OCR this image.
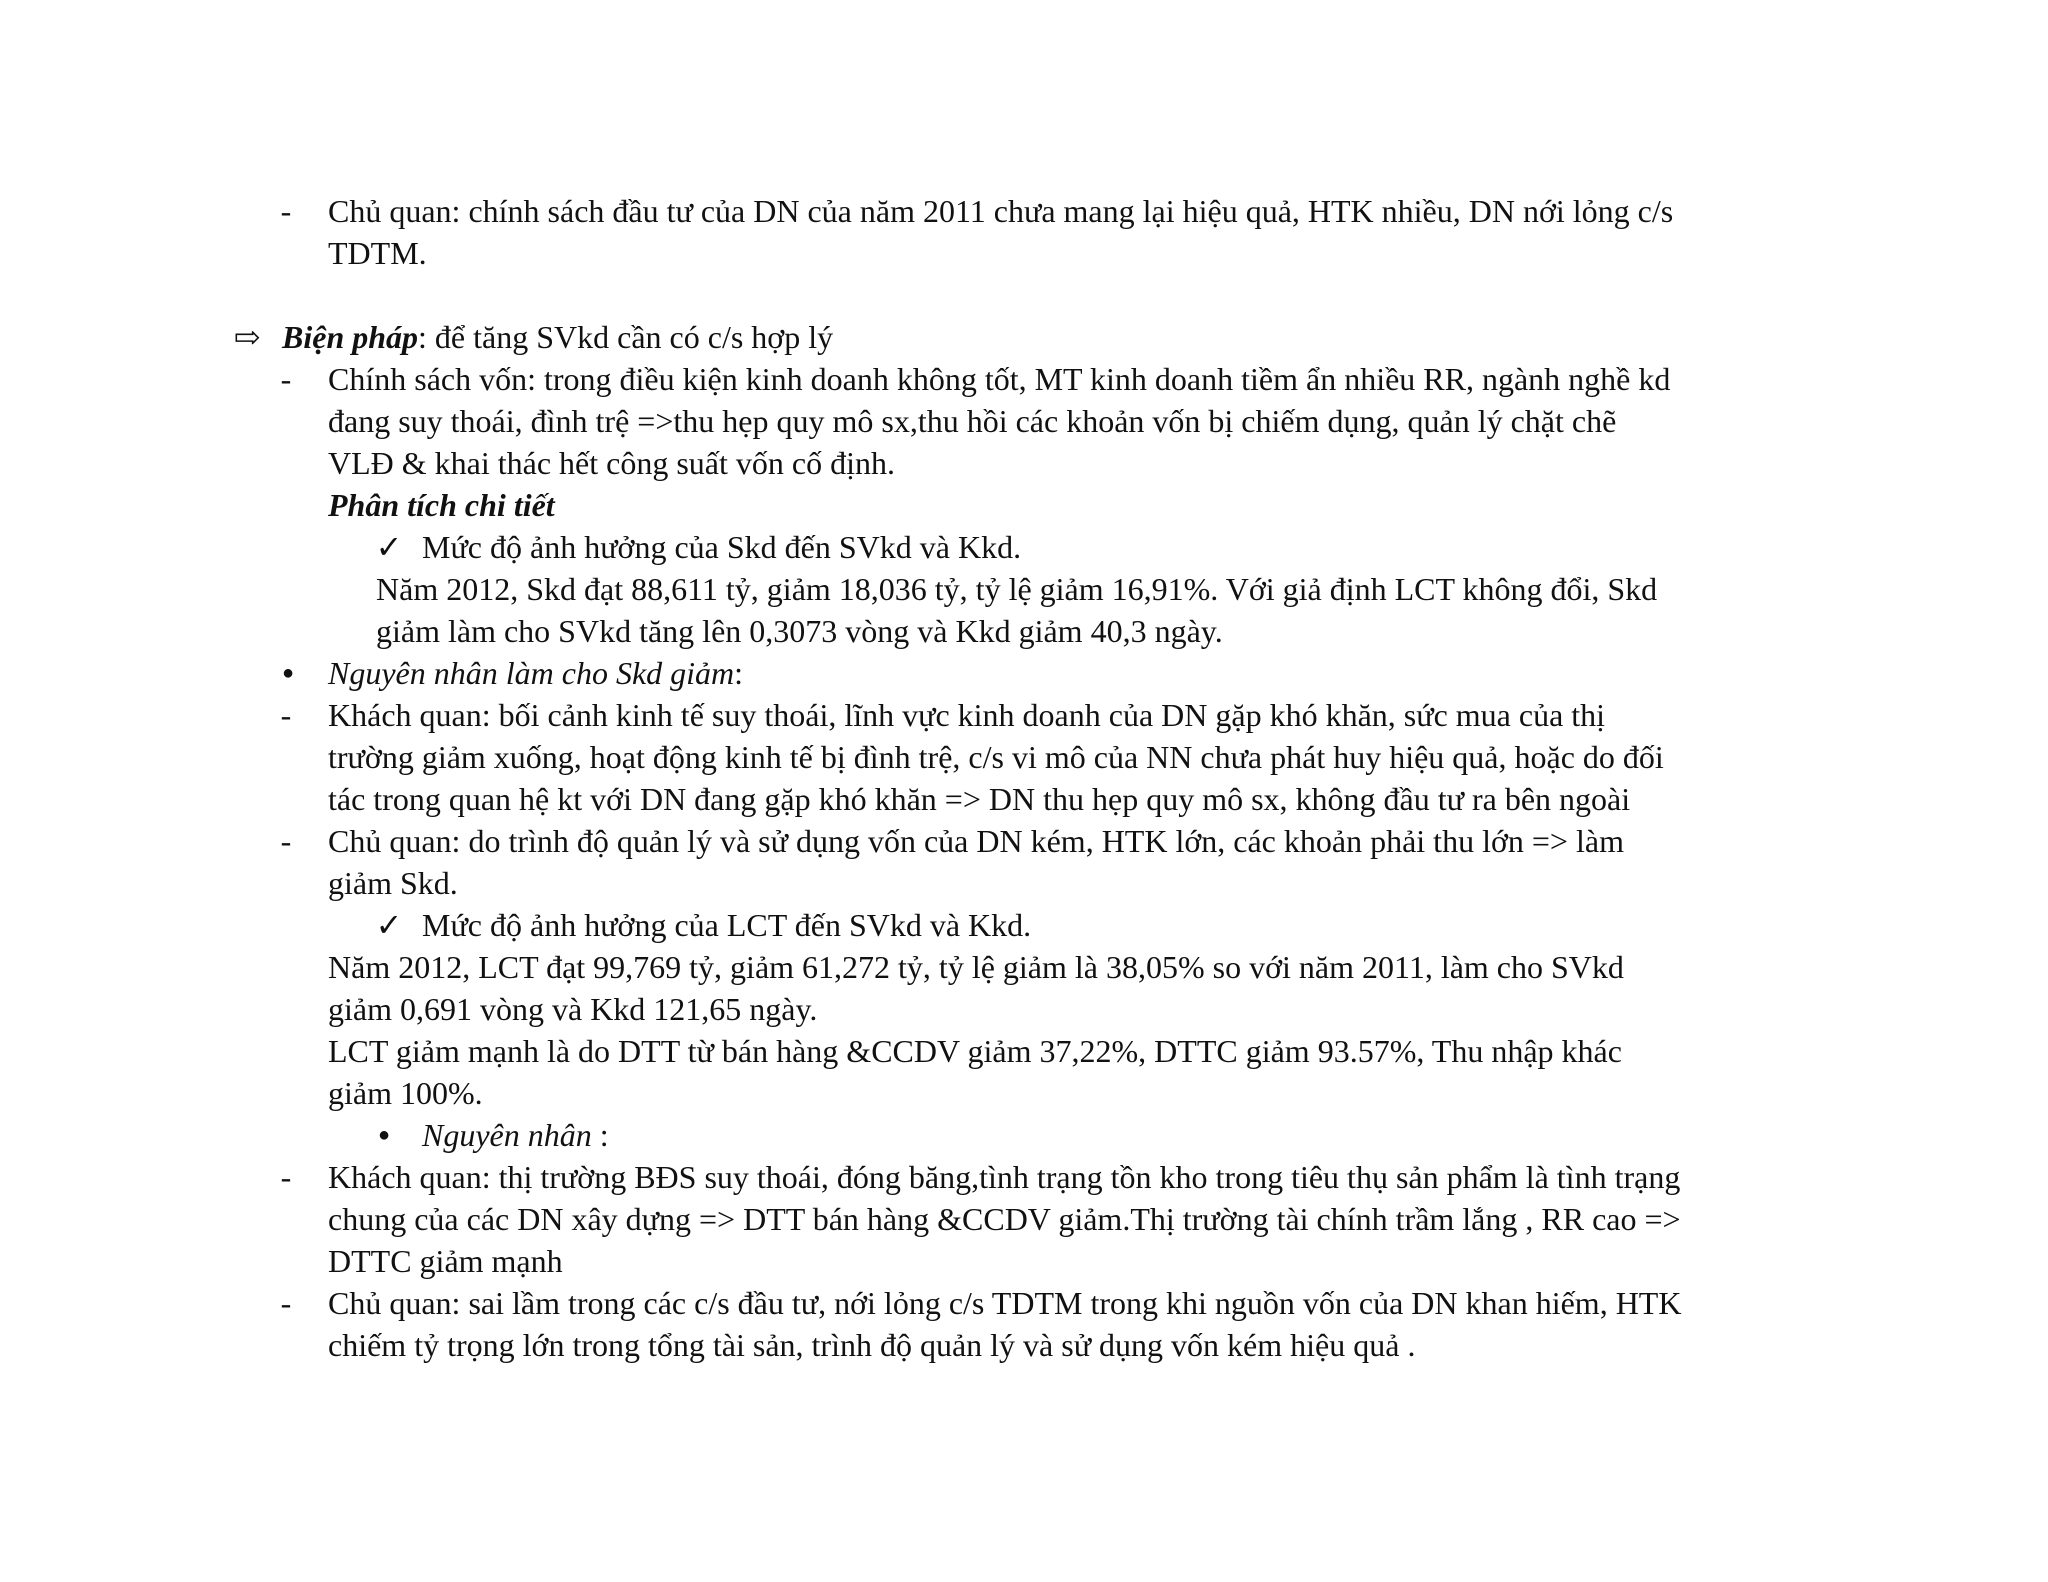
- Chủ quan: chính sách đầu tư của DN của năm 2011 chưa mang lại hiệu quả, HTK nhiều, DN nới lỏng c/s
TDTM.
⇨ Biện pháp: để tăng SVkd cần có c/s hợp lý
- Chính sách vốn: trong điều kiện kinh doanh không tốt, MT kinh doanh tiềm ẩn nhiều RR, ngành nghề kd
đang suy thoái, đình trệ =>thu hẹp quy mô sx,thu hồi các khoản vốn bị chiếm dụng, quản lý chặt chẽ
VLĐ & khai thác hết công suất vốn cố định.
Phân tích chi tiết
✓ Mức độ ảnh hưởng của Skd đến SVkd và Kkd.
Năm 2012, Skd đạt 88,611 tỷ, giảm 18,036 tỷ, tỷ lệ giảm 16,91%. Với giả định LCT không đổi, Skd
giảm làm cho SVkd tăng lên 0,3073 vòng và Kkd giảm 40,3 ngày.
● Nguyên nhân làm cho Skd giảm:
- Khách quan: bối cảnh kinh tế suy thoái, lĩnh vực kinh doanh của DN gặp khó khăn, sức mua của thị
trường giảm xuống, hoạt động kinh tế bị đình trệ, c/s vi mô của NN chưa phát huy hiệu quả, hoặc do đối
tác trong quan hệ kt với DN đang gặp khó khăn => DN thu hẹp quy mô sx, không đầu tư ra bên ngoài
- Chủ quan: do trình độ quản lý và sử dụng vốn của DN kém, HTK lớn, các khoản phải thu lớn => làm
giảm Skd.
✓ Mức độ ảnh hưởng của LCT đến SVkd và Kkd.
Năm 2012, LCT đạt 99,769 tỷ, giảm 61,272 tỷ, tỷ lệ giảm là 38,05% so với năm 2011, làm cho SVkd
giảm 0,691 vòng và Kkd 121,65 ngày.
LCT giảm mạnh là do DTT từ bán hàng &CCDV giảm 37,22%, DTTC giảm 93.57%, Thu nhập khác
giảm 100%.
● Nguyên nhân :
- Khách quan: thị trường BĐS suy thoái, đóng băng,tình trạng tồn kho trong tiêu thụ sản phẩm là tình trạng
chung của các DN xây dựng => DTT bán hàng &CCDV giảm.Thị trường tài chính trầm lắng , RR cao =>
DTTC giảm mạnh
- Chủ quan: sai lầm trong các c/s đầu tư, nới lỏng c/s TDTM trong khi nguồn vốn của DN khan hiếm, HTK
chiếm tỷ trọng lớn trong tổng tài sản, trình độ quản lý và sử dụng vốn kém hiệu quả .
